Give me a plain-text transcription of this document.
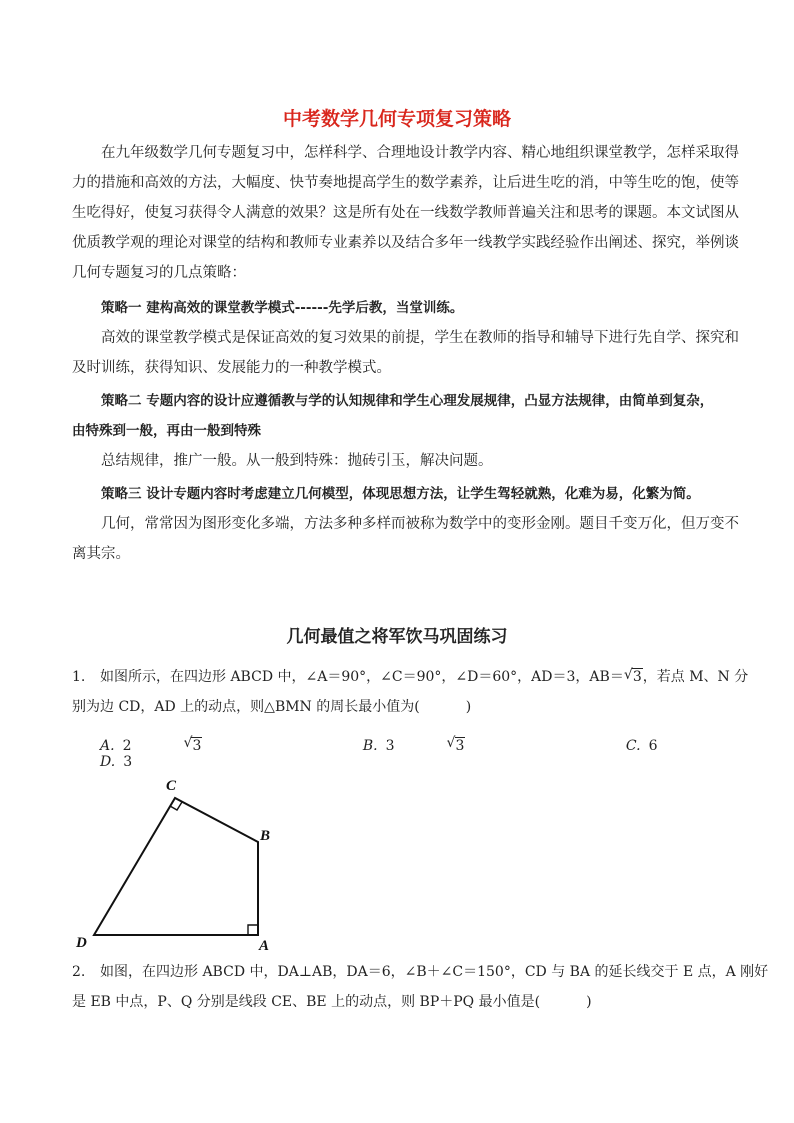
中考数学几何专项复习策略
在九年级数学几何专题复习中，怎样科学、合理地设计教学内容、精心地组织课堂教学，怎样采取得
力的措施和高效的方法，大幅度、快节奏地提高学生的数学素养，让后进生吃的消，中等生吃的饱，使等
生吃得好，使复习获得令人满意的效果？这是所有处在一线数学教师普遍关注和思考的课题。本文试图从
优质教学观的理论对课堂的结构和教师专业素养以及结合多年一线教学实践经验作出阐述、探究，举例谈
几何专题复习的几点策略：
策略一 建构高效的课堂教学模式------先学后教，当堂训练。
高效的课堂教学模式是保证高效的复习效果的前提，学生在教师的指导和辅导下进行先自学、探究和
及时训练，获得知识、发展能力的一种教学模式。
策略二 专题内容的设计应遵循教与学的认知规律和学生心理发展规律，凸显方法规律，由简单到复杂，
由特殊到一般，再由一般到特殊
总结规律，推广一般。从一般到特殊：抛砖引玉，解决问题。
策略三 设计专题内容时考虑建立几何模型，体现思想方法，让学生驾轻就熟，化难为易，化繁为简。
几何，常常因为图形变化多端，方法多种多样而被称为数学中的变形金刚。题目千变万化，但万变不
离其宗。
几何最值之将军饮马巩固练习
1. 如图所示，在四边形 ABCD 中，∠A＝90°，∠C＝90°，∠D＝60°，AD＝3，AB＝ √ 3，若点 M、N 分
别为边 CD，AD 上的动点，则△BMN 的周长最小值为(	)
A. 2	√ 3	B. 3	√ 3	C. 6 D. 3
C
B
D	A
2. 如图，在四边形 ABCD 中，DA⊥AB，DA＝6，∠B＋∠C＝150°，CD 与 BA 的延长线交于 E 点，A 刚好
是 EB 中点，P、Q 分别是线段 CE、BE 上的动点，则 BP＋PQ 最小值是(	)
